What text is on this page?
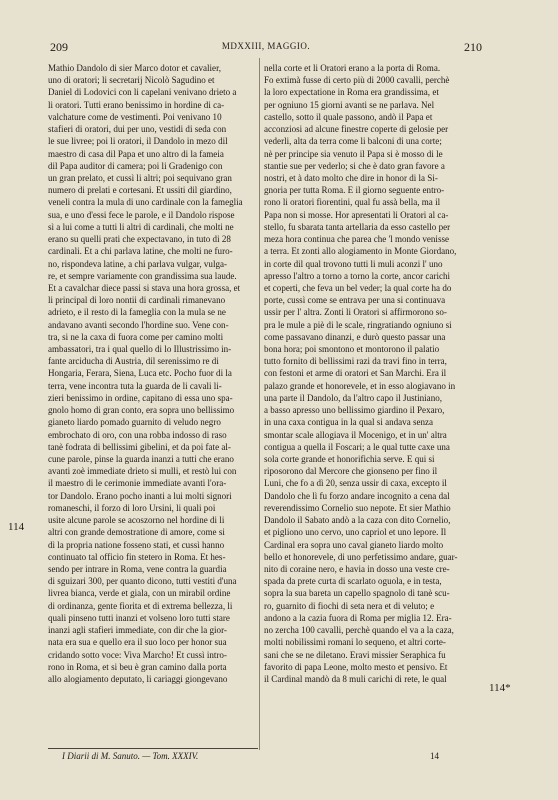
209	MDXXIII, MAGGIO.	210
Mathio Dandolo di sier Marco dotor et cavalier,
uno di oratori; li secretarij Nicolò Sagudino et
Daniel di Lodovici con li capelani venivano drieto a
li oratori. Tutti erano benissimo in hordine di ca-
valchature come de vestimenti. Poi venivano 10
stafieri di oratori, dui per uno, vestidi di seda con
le sue livree; poi li oratori, il Dandolo in mezo dil
maestro di casa dil Papa et uno altro di la fameia
dil Papa auditor di camera; poi li Gradenigo con
un gran prelato, et cussì li altri; poi sequivano gran
numero di prelati e cortesani. Et ussiti dil giardino,
veneli contra la mula di uno cardinale con la fameglia
sua, e uno d'essi fece le parole, e il Dandolo rispose
sì a lui come a tutti li altri di cardinali, che molti ne
erano su quelli prati che expectavano, in tuto di 28
cardinali. Et a chi parlava latine, che molti ne furo-
no, rispondeva latine, a chi parlava vulgar, vulga-
re, et sempre variamente con grandissima sua laude.
Et a cavalchar diece passi si stava una hora grossa, et
li principal di loro nontii di cardinali rimanevano
adrieto, e il resto di la fameglia con la mula se ne
andavano avanti secondo l'hordine suo. Vene con-
tra, si ne la caxa di fuora come per camino molti
ambassatori, tra i qual quello di lo Illustrissimo in-
fante arciducha di Austria, dil serenissimo re di
Hongaria, Ferara, Siena, Luca etc. Pocho fuor di la
terra, vene incontra tuta la guarda de li cavali li-
zieri benissimo in ordine, capitano di essa uno spa-
gnolo homo di gran conto, era sopra uno bellissimo
gianeto liardo pomado guarnito di veludo negro
embrochato di oro, con una robba indosso di raso
tanè fodrata di bellissimi gibelini, et da poi fate al-
cune parole, pinse la guarda inanzi a tutti che erano
avanti zoè immediate drieto si mulli, et restò lui con
il maestro di le cerimonie immediate avanti l'ora-
tor Dandolo. Erano pocho inanti a lui molti signori
romaneschi, il forzo di loro Ursini, li quali poi
usite alcune parole se acoszorno nel hordine di li
altri con grande demostratione di amore, come si
dì la propria natione fosseno stati, et cussì hanno
continuato tal officio fin stetero in Roma. Et hes-
sendo per intrare in Roma, vene contra la guardia
di sguizari 300, per quanto dicono, tutti vestiti d'una
livrea bianca, verde et giala, con un mirabil ordine
di ordinanza, gente fiorita et di extrema bellezza, li
quali pinseno tutti inanzi et volseno loro tutti stare
inanzi agli stafieri immediate, con dir che la gior-
nata era sua e quello era il suo loco per honor sua
cridando sotto voce: Viva Marcho! Et cussì intro-
rono in Roma, et si beu è gran camino dalla porta
allo alogiamento deputato, li cariaggi giongevano
nella corte et li Oratori erano a la porta di Roma.
Fo extimà fusse di certo più di 2000 cavalli, perchè
la loro expectatione in Roma era grandissima, et
per ogniuno 15 giorni avanti se ne parlava. Nel
castello, sotto il quale passono, andò il Papa et
acconziosi ad alcune finestre coperte di gelosie per
vederli, alta da terra come li balconi di una corte;
nè per principe sia venuto il Papa si è mosso di le
stantie sue per vederlo; si che è dato gran favore a
nostri, et à dato molto che dire in honor di la Si-
gnoria per tutta Roma. E il giorno seguente entro-
rono li oratori fiorentini, qual fu assà bella, ma il
Papa non si mosse. Hor apresentati li Oratori al ca-
stello, fu sbarata tanta artellaria da esso castello per
meza hora continua che parea che 'l mondo venisse
a terra. Et zonti allo alogiamento in Monte Giordano,
in corte dil qual trovono tutti li muli aconzi l' uno
apresso l'altro a torno a torno la corte, ancor carichi
et coperti, che feva un bel veder; la qual corte ha do
porte, cussì come se entrava per una si continuava
ussir per l' altra. Zonti li Oratori si affirmorono so-
pra le mule a piè di le scale, ringratiando ogniuno si
come passavano dinanzi, e durò questo passar una
bona hora; poi smontono et montorono il palatio
tutto fornito di bellissimi razi da travi fino in terra,
con festoni et arme di oratori et San Marchi. Era il
palazo grande et honorevele, et in esso alogiavano in
una parte il Dandolo, da l'altro capo il Justiniano,
a basso apresso uno bellissimo giardino il Pexaro,
in una caxa contigua in la qual si andava senza
smontar scale allogiava il Mocenigo, et in un' altra
contigua a quella il Foscari; a le qual tutte caxe una
sola corte grande et honorifichia serve. E qui si
riposorono dal Mercore che gionseno per fino il
Luni, che fo a dì 20, senza ussir di caxa, excepto il
Dandolo che lì fu forzo andare incognito a cena dal
reverendissimo Cornelio suo nepote. Et sier Mathio
Dandolo il Sabato andò a la caza con dito Cornelio,
et pigliono uno cervo, uno capriol et uno lepore. Il
Cardinal era sopra uno caval gianeto liardo molto
bello et honorevele, di uno perfetissimo andare, guar-
nito di coraine nero, e havia in dosso una veste cre-
spada da prete curta di scarlato oguola, e in testa,
sopra la sua bareta un capello spagnolo di tanè scu-
ro, guarnito di fiochi di seta nera et di veluto; e
andono a la cazia fuora di Roma per miglia 12. Era-
no zercha 100 cavalli, perchè quando el va a la caza,
molti nobilissimi romani lo sequeno, et altri corte-
sani che se ne diletano. Eravi missier Seraphica fu
favorito di papa Leone, molto mesto et pensivo. Et
il Cardinal mandò da 8 muli carichi di rete, le qual
114
114*
I Diarii di M. Sanuto. — Tom. XXXIV.	14
